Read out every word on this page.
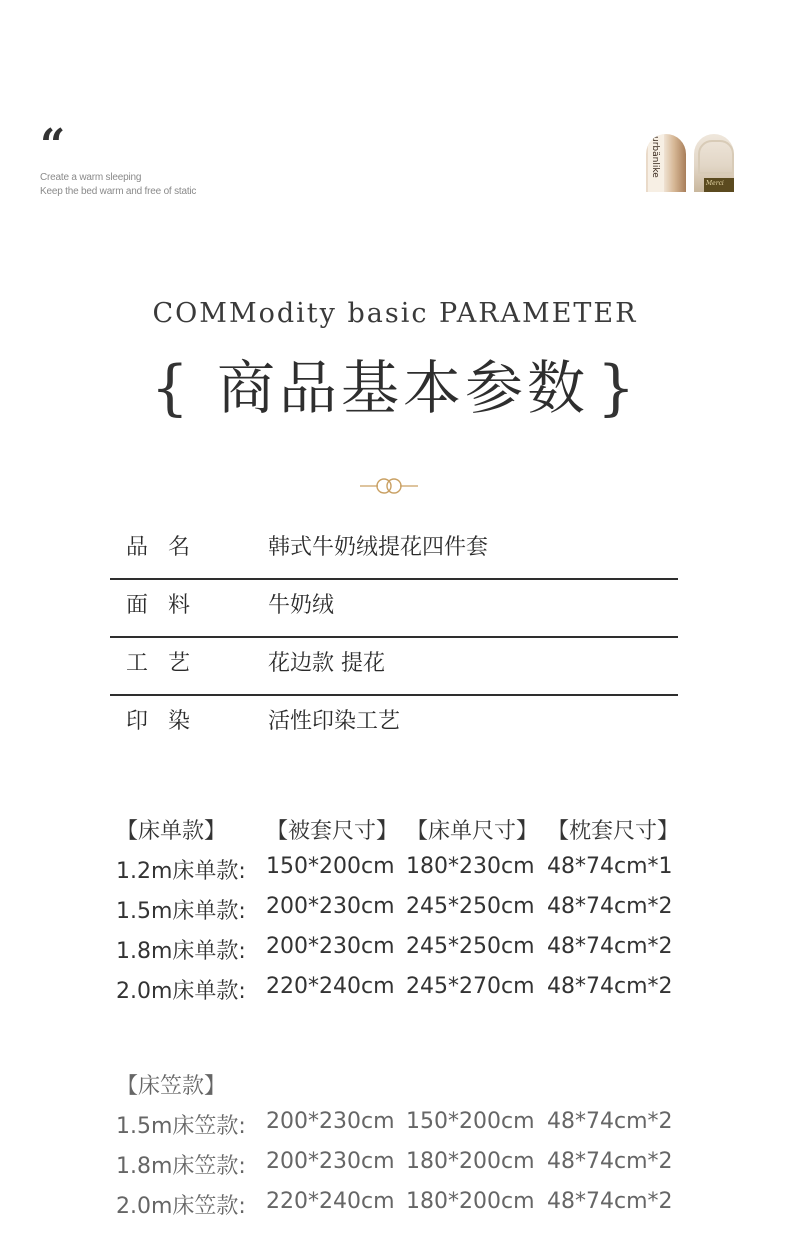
“
Create a warm sleeping
Keep the bed warm and free of static
urbänlike
Merci
COMModity basic PARAMETER
{ 商品基本参数 }
品名	韩式牛奶绒提花四件套
面料	牛奶绒
工艺	花边款 提花
印染	活性印染工艺
【床单款】 【被套尺寸】 【床单尺寸】 【枕套尺寸】
1.2m床单款: 150*200cm 180*230cm 48*74cm*1
1.5m床单款: 200*230cm 245*250cm 48*74cm*2
1.8m床单款: 200*230cm 245*250cm 48*74cm*2
2.0m床单款: 220*240cm 245*270cm 48*74cm*2
【床笠款】
1.5m床笠款: 200*230cm 150*200cm 48*74cm*2
1.8m床笠款: 200*230cm 180*200cm 48*74cm*2
2.0m床笠款: 220*240cm 180*200cm 48*74cm*2
